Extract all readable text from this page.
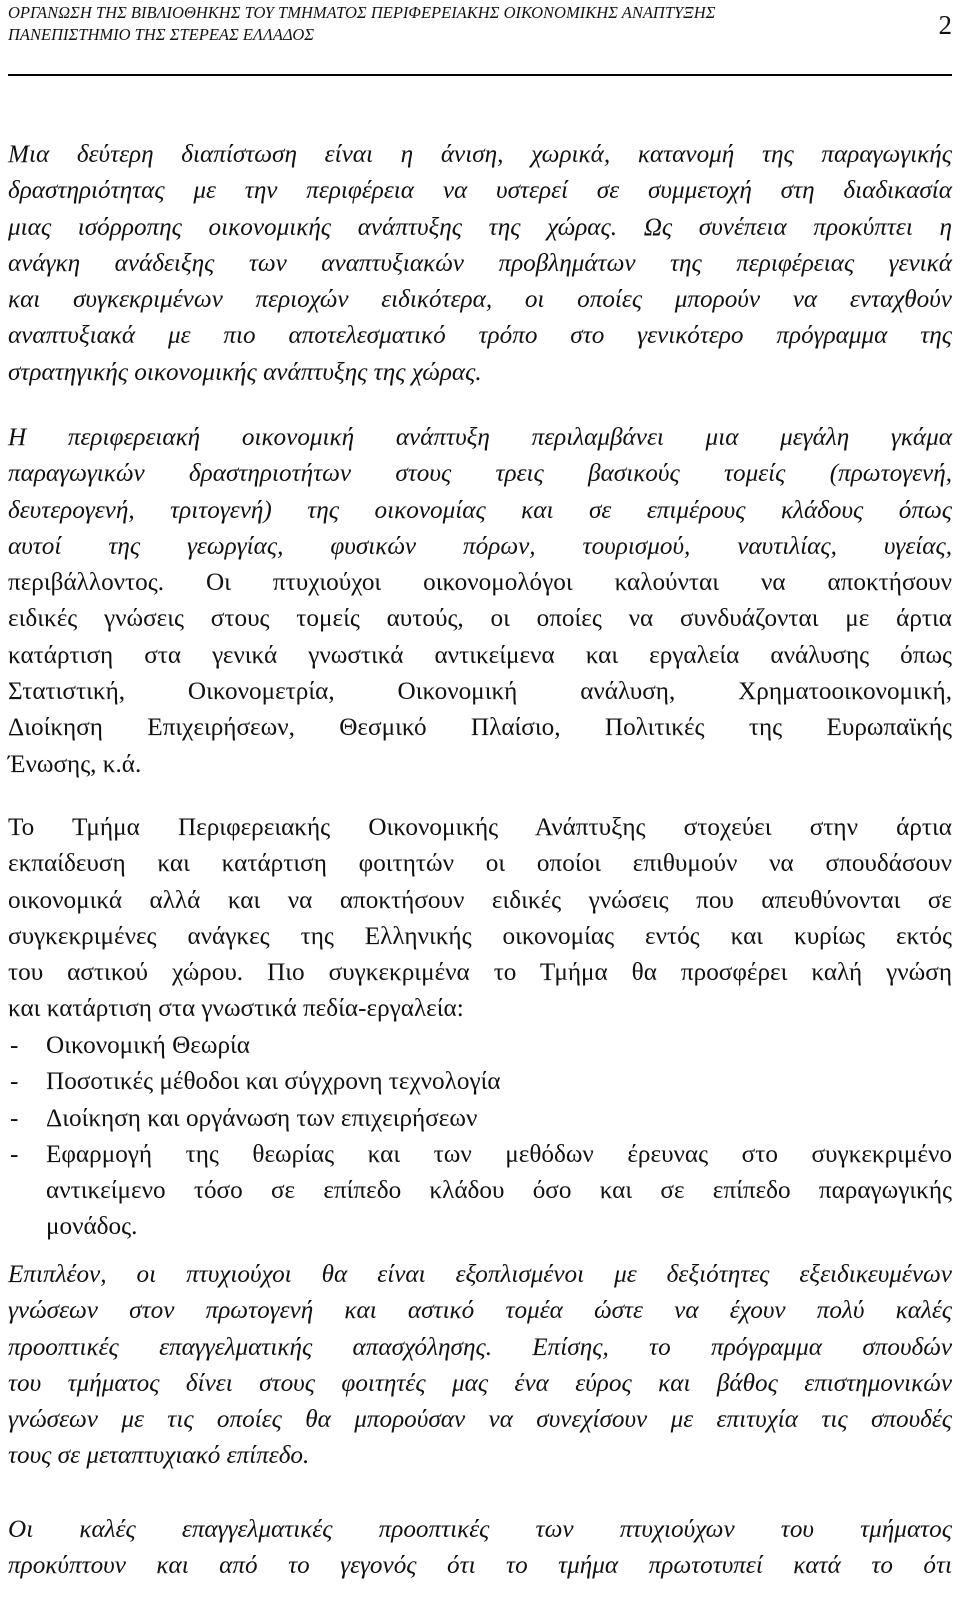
ΟΡΓΑΝΩΣΗ ΤΗΣ ΒΙΒΛΙΟΘΗΚΗΣ ΤΟΥ ΤΜΗΜΑΤΟΣ ΠΕΡΙΦΕΡΕΙΑΚΗΣ ΟΙΚΟΝΟΜΙΚΗΣ ΑΝΑΠΤΥΞΗΣ
ΠΑΝΕΠΙΣΤΗΜΙΟ ΤΗΣ ΣΤΕΡΕΑΣ ΕΛΛΑΔΟΣ	2
Μια δεύτερη διαπίστωση είναι η άνιση, χωρικά, κατανομή της παραγωγικής
δραστηριότητας με την περιφέρεια να υστερεί σε συμμετοχή στη διαδικασία
μιας ισόρροπης οικονομικής ανάπτυξης της χώρας. Ως συνέπεια προκύπτει η
ανάγκη ανάδειξης των αναπτυξιακών προβλημάτων της περιφέρειας γενικά
και συγκεκριμένων περιοχών ειδικότερα, οι οποίες μπορούν να ενταχθούν
αναπτυξιακά με πιο αποτελεσματικό τρόπο στο γενικότερο πρόγραμμα της
στρατηγικής οικονομικής ανάπτυξης της χώρας.
Η περιφερειακή οικονομική ανάπτυξη περιλαμβάνει μια μεγάλη γκάμα
παραγωγικών δραστηριοτήτων στους τρεις βασικούς τομείς (πρωτογενή,
δευτερογενή, τριτογενή) της οικονομίας και σε επιμέρους κλάδους όπως
αυτοί της γεωργίας, φυσικών πόρων, τουρισμού, ναυτιλίας, υγείας,
περιβάλλοντος. Οι πτυχιούχοι οικονομολόγοι καλούνται να αποκτήσουν
ειδικές γνώσεις στους τομείς αυτούς, οι οποίες να συνδυάζονται με άρτια
κατάρτιση στα γενικά γνωστικά αντικείμενα και εργαλεία ανάλυσης όπως
Στατιστική, Οικονομετρία, Οικονομική ανάλυση, Χρηματοοικονομική,
Διοίκηση Επιχειρήσεων, Θεσμικό Πλαίσιο, Πολιτικές της Ευρωπαϊκής
Ένωσης, κ.ά.
Το Τμήμα Περιφερειακής Οικονομικής Ανάπτυξης στοχεύει στην άρτια
εκπαίδευση και κατάρτιση φοιτητών οι οποίοι επιθυμούν να σπουδάσουν
οικονομικά αλλά και να αποκτήσουν ειδικές γνώσεις που απευθύνονται σε
συγκεκριμένες ανάγκες της Ελληνικής οικονομίας εντός και κυρίως εκτός
του αστικού χώρου. Πιο συγκεκριμένα το Τμήμα θα προσφέρει καλή γνώση
και κατάρτιση στα γνωστικά πεδία-εργαλεία:
- Οικονομική Θεωρία
- Ποσοτικές μέθοδοι και σύγχρονη τεχνολογία
- Διοίκηση και οργάνωση των επιχειρήσεων
- Εφαρμογή της θεωρίας και των μεθόδων έρευνας στο συγκεκριμένο
αντικείμενο τόσο σε επίπεδο κλάδου όσο και σε επίπεδο παραγωγικής
μονάδος.
Επιπλέον, οι πτυχιούχοι θα είναι εξοπλισμένοι με δεξιότητες εξειδικευμένων
γνώσεων στον πρωτογενή και αστικό τομέα ώστε να έχουν πολύ καλές
προοπτικές επαγγελματικής απασχόλησης. Επίσης, το πρόγραμμα σπουδών
του τμήματος δίνει στους φοιτητές μας ένα εύρος και βάθος επιστημονικών
γνώσεων με τις οποίες θα μπορούσαν να συνεχίσουν με επιτυχία τις σπουδές
τους σε μεταπτυχιακό επίπεδο.
Οι καλές επαγγελματικές προοπτικές των πτυχιούχων του τμήματος
προκύπτουν και από το γεγονός ότι το τμήμα πρωτοτυπεί κατά το ότι
